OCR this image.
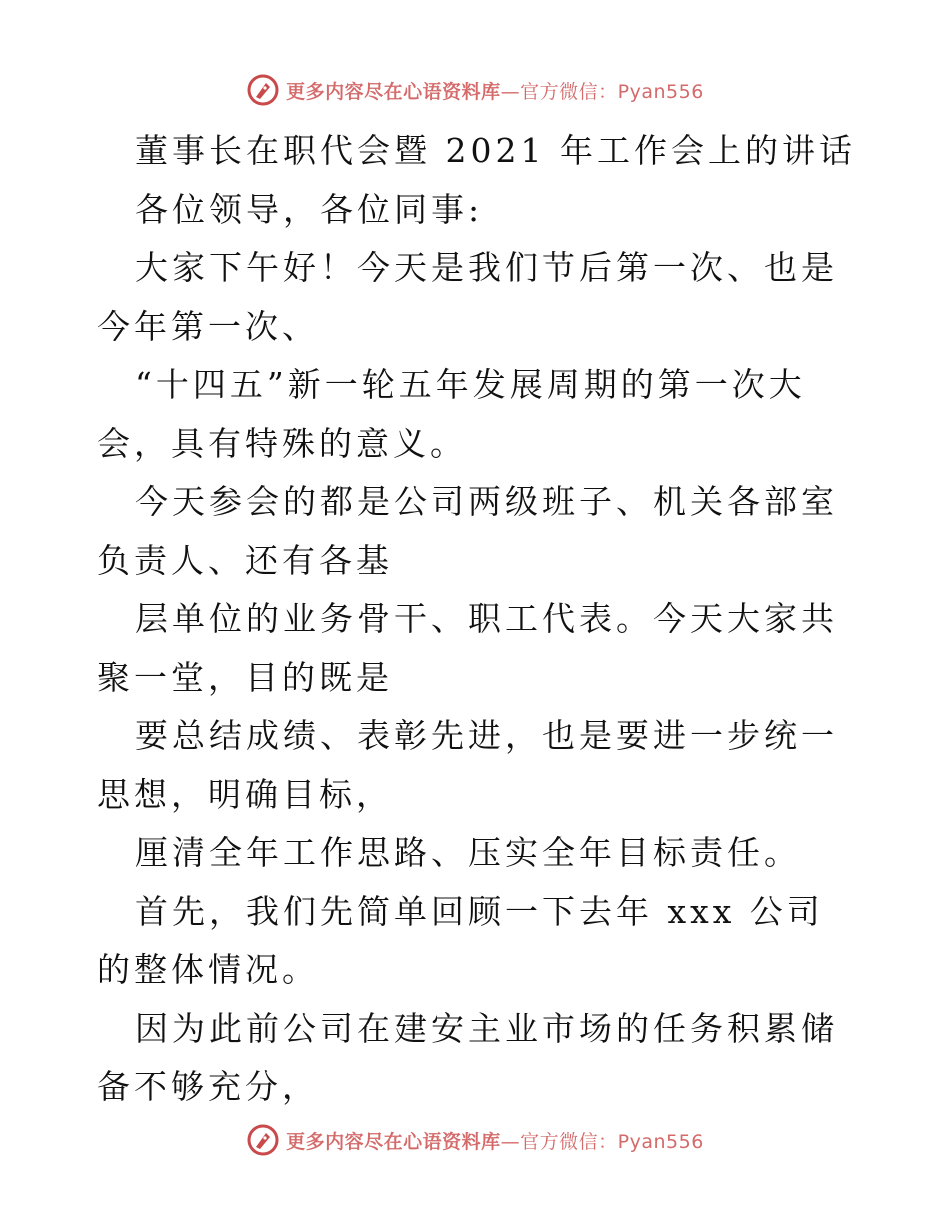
更多内容尽在心语资料库—官方微信：Pyan556

董事长在职代会暨 2021 年工作会上的讲话

各位领导，各位同事:

大家下午好！今天是我们节后第一次、也是今年第一次、

“十四五”新一轮五年发展周期的第一次大会，具有特殊的意义。

今天参会的都是公司两级班子、机关各部室负责人、还有各基

层单位的业务骨干、职工代表。今天大家共聚一堂，目的既是

要总结成绩、表彰先进，也是要进一步统一思想，明确目标，

厘清全年工作思路、压实全年目标责任。

首先，我们先简单回顾一下去年 xxx 公司的整体情况。

因为此前公司在建安主业市场的任务积累储备不够充分，

更多内容尽在心语资料库—官方微信：Pyan556
